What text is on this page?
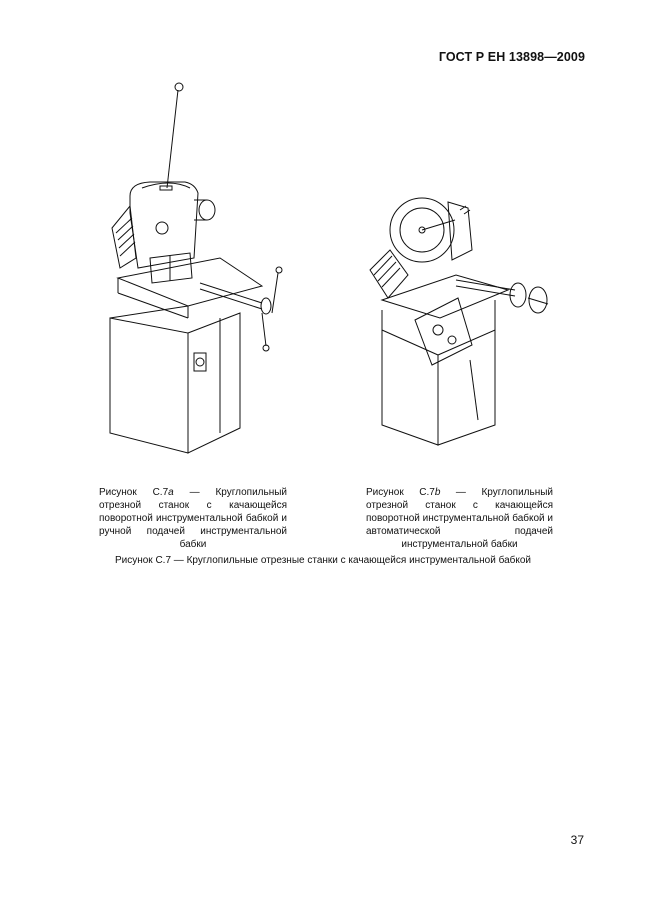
ГОСТ Р ЕН 13898—2009
Рисунок С.7a — Круглопильный отрезной станок с качающейся поворотной инструментальной бабкой и ручной подачей инструментальной бабки
Рисунок С.7b — Круглопильный отрезной станок с качающейся поворотной инструментальной бабкой и автоматической подачей инструментальной бабки
Рисунок С.7 — Круглопильные отрезные станки с качающейся инструментальной бабкой
37
